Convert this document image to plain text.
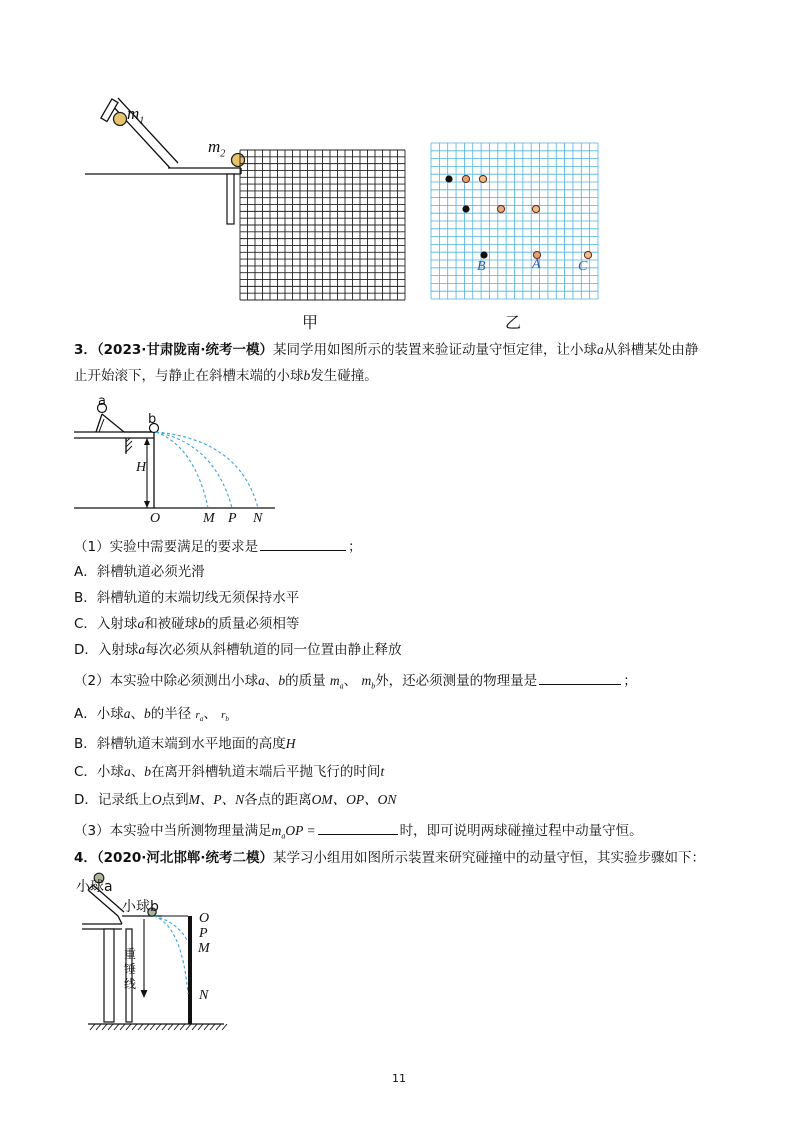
$m_1$
$m_2$
B	A	C
甲	乙
3．（2023·甘肃陇南·统考一模）某同学用如图所示的装置来验证动量守恒定律，让小球a从斜槽某处由静
止开始滚下，与静止在斜槽末端的小球b发生碰撞。
a
b
H
O	M P N
（1）实验中需要满足的要求是	；
A．斜槽轨道必须光滑
B．斜槽轨道的末端切线无须保持水平
C．入射球a和被碰球b的质量必须相等
D．入射球a每次必须从斜槽轨道的同一位置由静止释放
（2）本实验中除必须测出小球a、b的质量 $m_a$、 $m_b$外，还必须测量的物理量是	；
A．小球a、b的半径 $r_a$、 $r_b$
B．斜槽轨道末端到水平地面的高度H
C．小球a、b在离开斜槽轨道末端后平抛飞行的时间t
D．记录纸上O点到M、P、N各点的距离OM、OP、ON
（3）本实验中当所测物理量满足$m_aOP$ =	时，即可说明两球碰撞过程中动量守恒。
4．（2020·河北邯郸·统考二模）某学习小组用如图所示装置来研究碰撞中的动量守恒，其实验步骤如下：
小球a
小球b
O
P
M
N
重
锤
线
11
